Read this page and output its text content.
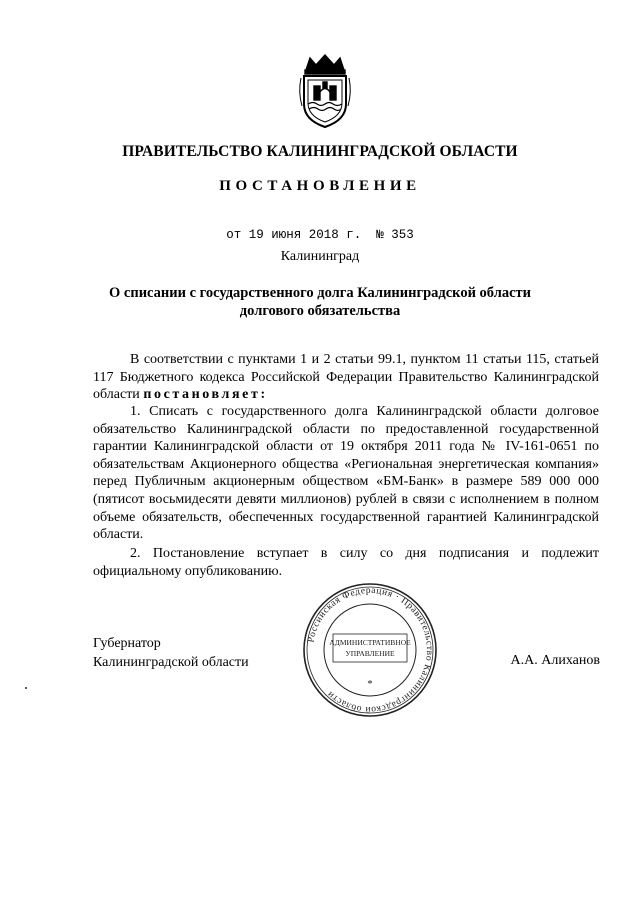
ПРАВИТЕЛЬСТВО КАЛИНИНГРАДСКОЙ ОБЛАСТИ
ПОСТАНОВЛЕНИЕ
от 19 июня 2018 г.  № 353
Калининград
О списании с государственного долга Калининградской области
долгового обязательства
В соответствии с пунктами 1 и 2 статьи 99.1, пунктом 11 статьи 115, статьей 117 Бюджетного кодекса Российской Федерации Правительство Калининградской области постановляет:
1. Списать с государственного долга Калининградской области долговое обязательство Калининградской области по предоставленной государственной гарантии Калининградской области от 19 октября 2011 года № IV-161-0651 по обязательствам Акционерного общества «Региональная энергетическая компания» перед Публичным акционерным обществом «БМ-Банк» в размере 589 000 000 (пятисот восьмидесяти девяти миллионов) рублей в связи с исполнением в полном объеме обязательств, обеспеченных государственной гарантией Калининградской области.
2. Постановление вступает в силу со дня подписания и подлежит официальному опубликованию.
Губернатор
Калининградской области	А.А. Алиханов
Российская Федерация · Правительство Калининградской области
АДМИНИСТРАТИВНОЕ
УПРАВЛЕНИЕ
*
